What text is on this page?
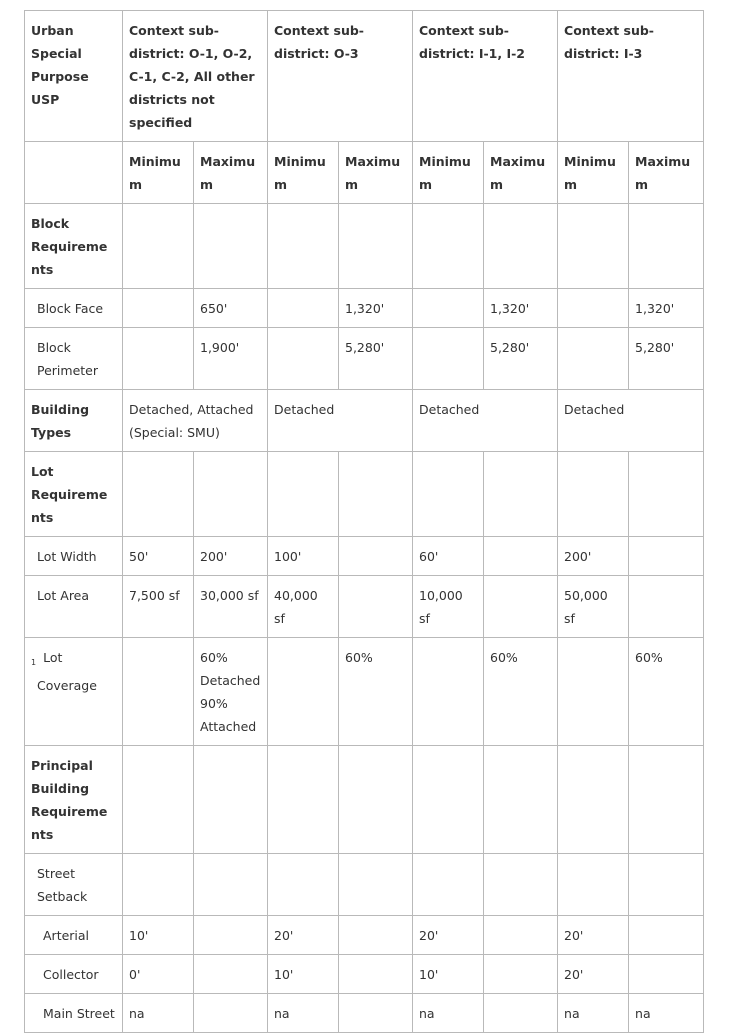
Urban Special Purpose USP	Context sub-district: O-1, O-2, C-1, C-2, All other districts not specified		Context sub-district: O-3		Context sub-district: I-1, I-2		Context sub-district: I-3	
	Minimum	Maximum	Minimum	Maximum	Minimum	Maximum	Minimum	Maximum
Block Requirements								
Block Face		650'		1,320'		1,320'		1,320'
Block Perimeter		1,900'		5,280'		5,280'		5,280'
Building Types	Detached, Attached (Special: SMU)		Detached		Detached		Detached	
Lot Requirements								
Lot Width	50'	200'	100'		60'		200'	
Lot Area	7,500 sf	30,000 sf	40,000 sf		10,000 sf		50,000 sf	
$^1$ Lot Coverage		60% Detached 90% Attached		60%		60%		60%
Principal Building Requirements								
Street Setback								
Arterial	10'		20'		20'		20'	
Collector	0'		10'		10'		20'	
Main Street	na		na		na		na	na
